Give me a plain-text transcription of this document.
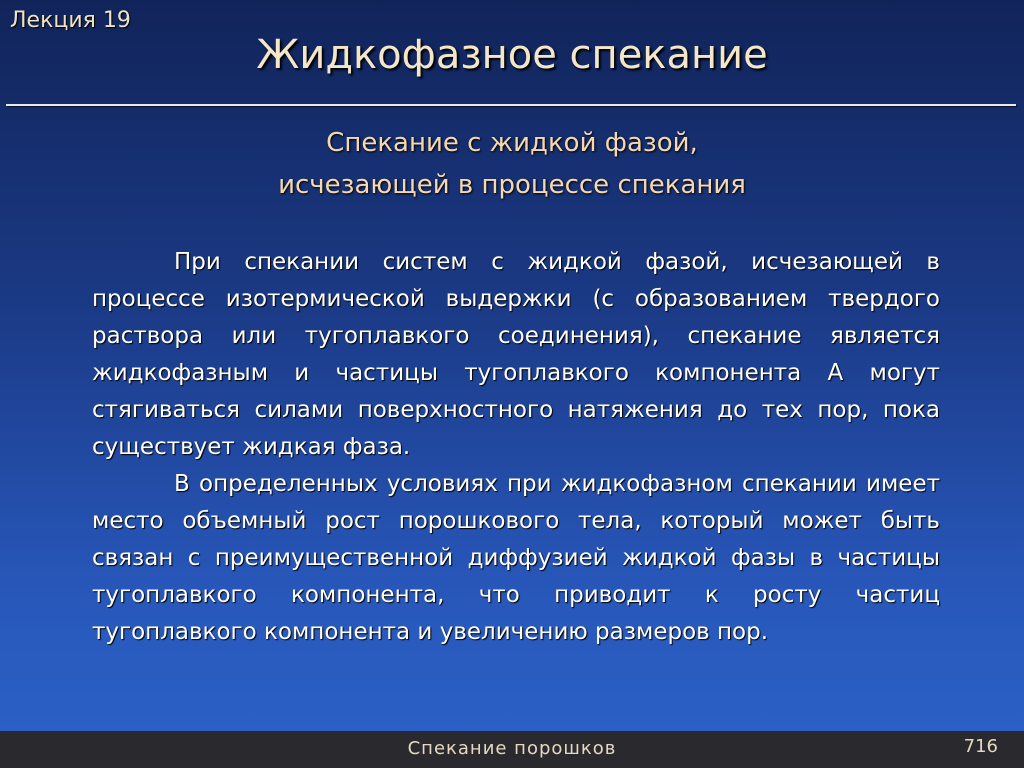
Лекция 19
Жидкофазное спекание
Спекание с жидкой фазой,
исчезающей в процессе спекания

При спекании систем с жидкой фазой, исчезающей в процессе изотермической выдержки (с образованием твердого раствора или тугоплавкого соединения), спекание является жидкофазным и частицы тугоплавкого компонента A могут стягиваться силами поверхностного натяжения до тех пор, пока существует жидкая фаза.

В определенных условиях при жидкофазном спекании имеет место объемный рост порошкового тела, который может быть связан с преимущественной диффузией жидкой фазы в частицы тугоплавкого компонента, что приводит к росту частиц тугоплавкого компонента и увеличению размеров пор.

Спекание порошков	716
